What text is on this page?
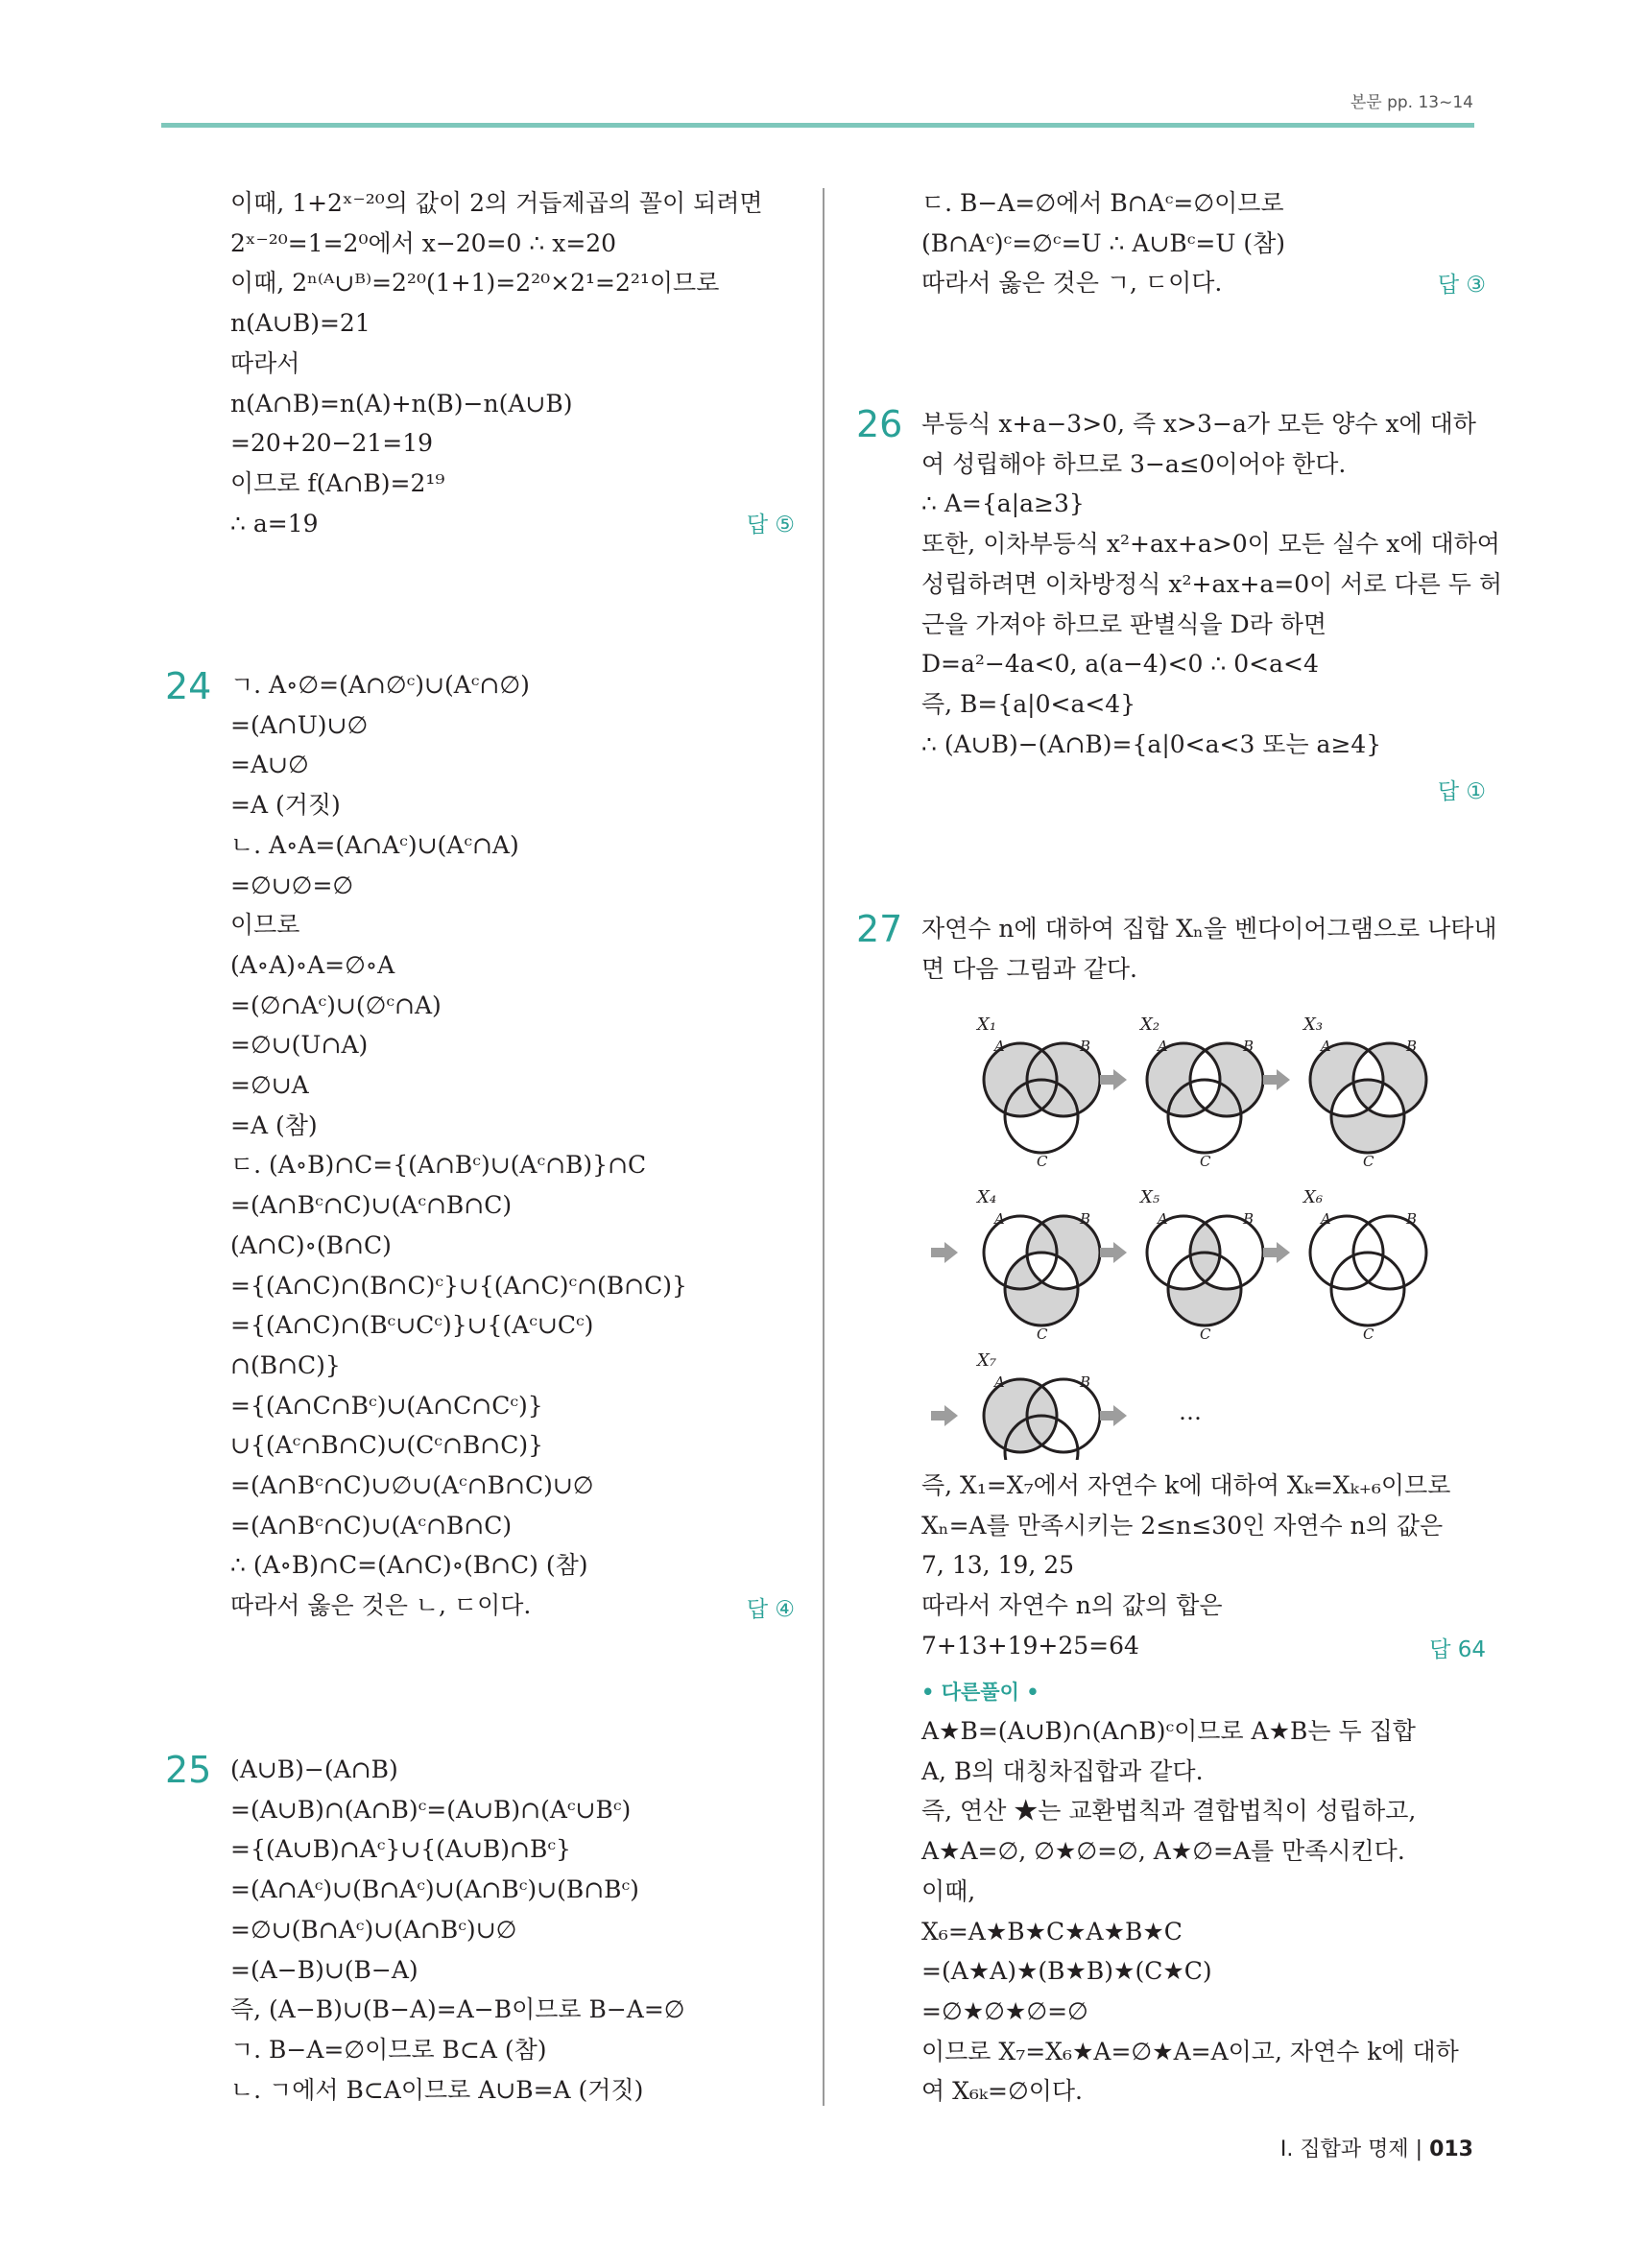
본문 pp. 13~14
이때, 1+2ˣ⁻²⁰의 값이 2의 거듭제곱의 꼴이 되려면
2ˣ⁻²⁰=1=2⁰에서 x−20=0 ∴ x=20
이때, 2ⁿ⁽ᴬ∪ᴮ⁾=2²⁰(1+1)=2²⁰×2¹=2²¹이므로
n(A∪B)=21
따라서
n(A∩B)=n(A)+n(B)−n(A∪B)
=20+20−21=19
이므로 f(A∩B)=2¹⁹
∴ a=19	답 ⑤
24 ㄱ. A∘∅=(A∩∅ᶜ)∪(Aᶜ∩∅)
=(A∩U)∪∅
=A∪∅
=A (거짓)
ㄴ. A∘A=(A∩Aᶜ)∪(Aᶜ∩A)
=∅∪∅=∅
이므로
(A∘A)∘A=∅∘A
=(∅∩Aᶜ)∪(∅ᶜ∩A)
=∅∪(U∩A)
=∅∪A
=A (참)
ㄷ. (A∘B)∩C={(A∩Bᶜ)∪(Aᶜ∩B)}∩C
=(A∩Bᶜ∩C)∪(Aᶜ∩B∩C)
(A∩C)∘(B∩C)
={(A∩C)∩(B∩C)ᶜ}∪{(A∩C)ᶜ∩(B∩C)}
={(A∩C)∩(Bᶜ∪Cᶜ)}∪{(Aᶜ∪Cᶜ)
∩(B∩C)}
={(A∩C∩Bᶜ)∪(A∩C∩Cᶜ)}
∪{(Aᶜ∩B∩C)∪(Cᶜ∩B∩C)}
=(A∩Bᶜ∩C)∪∅∪(Aᶜ∩B∩C)∪∅
=(A∩Bᶜ∩C)∪(Aᶜ∩B∩C)
∴ (A∘B)∩C=(A∩C)∘(B∩C) (참)
따라서 옳은 것은 ㄴ, ㄷ이다.	답 ④
25 (A∪B)−(A∩B)
=(A∪B)∩(A∩B)ᶜ=(A∪B)∩(Aᶜ∪Bᶜ)
={(A∪B)∩Aᶜ}∪{(A∪B)∩Bᶜ}
=(A∩Aᶜ)∪(B∩Aᶜ)∪(A∩Bᶜ)∪(B∩Bᶜ)
=∅∪(B∩Aᶜ)∪(A∩Bᶜ)∪∅
=(A−B)∪(B−A)
즉, (A−B)∪(B−A)=A−B이므로 B−A=∅
ㄱ. B−A=∅이므로 B⊂A (참)
ㄴ. ㄱ에서 B⊂A이므로 A∪B=A (거짓)
ㄷ. B−A=∅에서 B∩Aᶜ=∅이므로
(B∩Aᶜ)ᶜ=∅ᶜ=U ∴ A∪Bᶜ=U (참)
따라서 옳은 것은 ㄱ, ㄷ이다.	답 ③
26 부등식 x+a−3>0, 즉 x>3−a가 모든 양수 x에 대하
여 성립해야 하므로 3−a≤0이어야 한다.
∴ A={a|a≥3}
또한, 이차부등식 x²+ax+a>0이 모든 실수 x에 대하여
성립하려면 이차방정식 x²+ax+a=0이 서로 다른 두 허
근을 가져야 하므로 판별식을 D라 하면
D=a²−4a<0, a(a−4)<0 ∴ 0<a<4
즉, B={a|0<a<4}
∴ (A∪B)−(A∩B)={a|0<a<3 또는 a≥4}
답 ①
27 자연수 n에 대하여 집합 Xₙ을 벤다이어그램으로 나타내
면 다음 그림과 같다.
X₁
A	B
C
X₂
A	B
C
X₃
A	B
C
X₄
A	B
C
X₅
A	B
C
X₆
A	B
C
X₇
A	B
…
즉, X₁=X₇에서 자연수 k에 대하여 Xₖ=Xₖ₊₆이므로
Xₙ=A를 만족시키는 2≤n≤30인 자연수 n의 값은
7, 13, 19, 25
따라서 자연수 n의 값의 합은
7+13+19+25=64	답 64
• 다른풀이 •
A★B=(A∪B)∩(A∩B)ᶜ이므로 A★B는 두 집합
A, B의 대칭차집합과 같다.
즉, 연산 ★는 교환법칙과 결합법칙이 성립하고,
A★A=∅, ∅★∅=∅, A★∅=A를 만족시킨다.
이때,
X₆=A★B★C★A★B★C
=(A★A)★(B★B)★(C★C)
=∅★∅★∅=∅
이므로 X₇=X₆★A=∅★A=A이고, 자연수 k에 대하
여 X₆ₖ=∅이다.
Ⅰ. 집합과 명제 | 013
